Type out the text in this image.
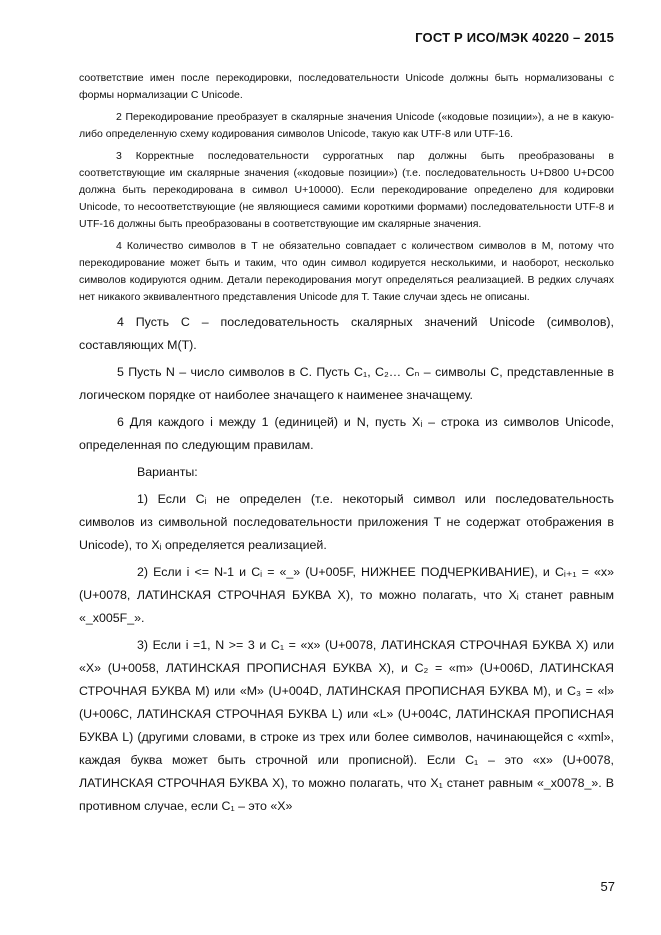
ГОСТ Р ИСО/МЭК 40220 – 2015

соответствие имен после перекодировки, последовательности Unicode должны быть нормализованы с формы нормализации C Unicode.

2 Перекодирование преобразует в скалярные значения Unicode («кодовые позиции»), а не в какую-либо определенную схему кодирования символов Unicode, такую как UTF-8 или UTF-16.

3 Корректные последовательности суррогатных пар должны быть преобразованы в соответствующие им скалярные значения («кодовые позиции») (т.е. последовательность U+D800 U+DC00 должна быть перекодирована в символ U+10000). Если перекодирование определено для кодировки Unicode, то несоответствующие (не являющиеся самими короткими формами) последовательности UTF-8 и UTF-16 должны быть преобразованы в соответствующие им скалярные значения.

4 Количество символов в T не обязательно совпадает с количеством символов в M, потому что перекодирование может быть и таким, что один символ кодируется несколькими, и наоборот, несколько символов кодируются одним. Детали перекодирования могут определяться реализацией. В редких случаях нет никакого эквивалентного представления Unicode для T. Такие случаи здесь не описаны.

4 Пусть C – последовательность скалярных значений Unicode (символов), составляющих M(T).

5 Пусть N – число символов в C. Пусть C₁, C₂… Cₙ – символы C, представленные в логическом порядке от наиболее значащего к наименее значащему.

6 Для каждого i между 1 (единицей) и N, пусть Xᵢ – строка из символов Unicode, определенная по следующим правилам.

Варианты:

1) Если Cᵢ не определен (т.е. некоторый символ или последовательность символов из символьной последовательности приложения T не содержат отображения в Unicode), то Xᵢ определяется реализацией.

2) Если i <= N-1 и Cᵢ = «_» (U+005F, НИЖНЕЕ ПОДЧЕРКИВАНИЕ), и Cᵢ₊₁ = «x» (U+0078, ЛАТИНСКАЯ СТРОЧНАЯ БУКВА X), то можно полагать, что Xᵢ станет равным «_x005F_».

3) Если i =1, N >= 3 и C₁ = «x» (U+0078, ЛАТИНСКАЯ СТРОЧНАЯ БУКВА X) или «X» (U+0058, ЛАТИНСКАЯ ПРОПИСНАЯ БУКВА X), и C₂ = «m» (U+006D, ЛАТИНСКАЯ СТРОЧНАЯ БУКВА M) или «M» (U+004D, ЛАТИНСКАЯ ПРОПИСНАЯ БУКВА M), и C₃ = «l» (U+006C, ЛАТИНСКАЯ СТРОЧНАЯ БУКВА L) или «L» (U+004C, ЛАТИНСКАЯ ПРОПИСНАЯ БУКВА L) (другими словами, в строке из трех или более символов, начинающейся с «xml», каждая буква может быть строчной или прописной). Если C₁ – это «x» (U+0078, ЛАТИНСКАЯ СТРОЧНАЯ БУКВА X), то можно полагать, что X₁ станет равным «_x0078_». В противном случае, если C₁ – это «X»

57
